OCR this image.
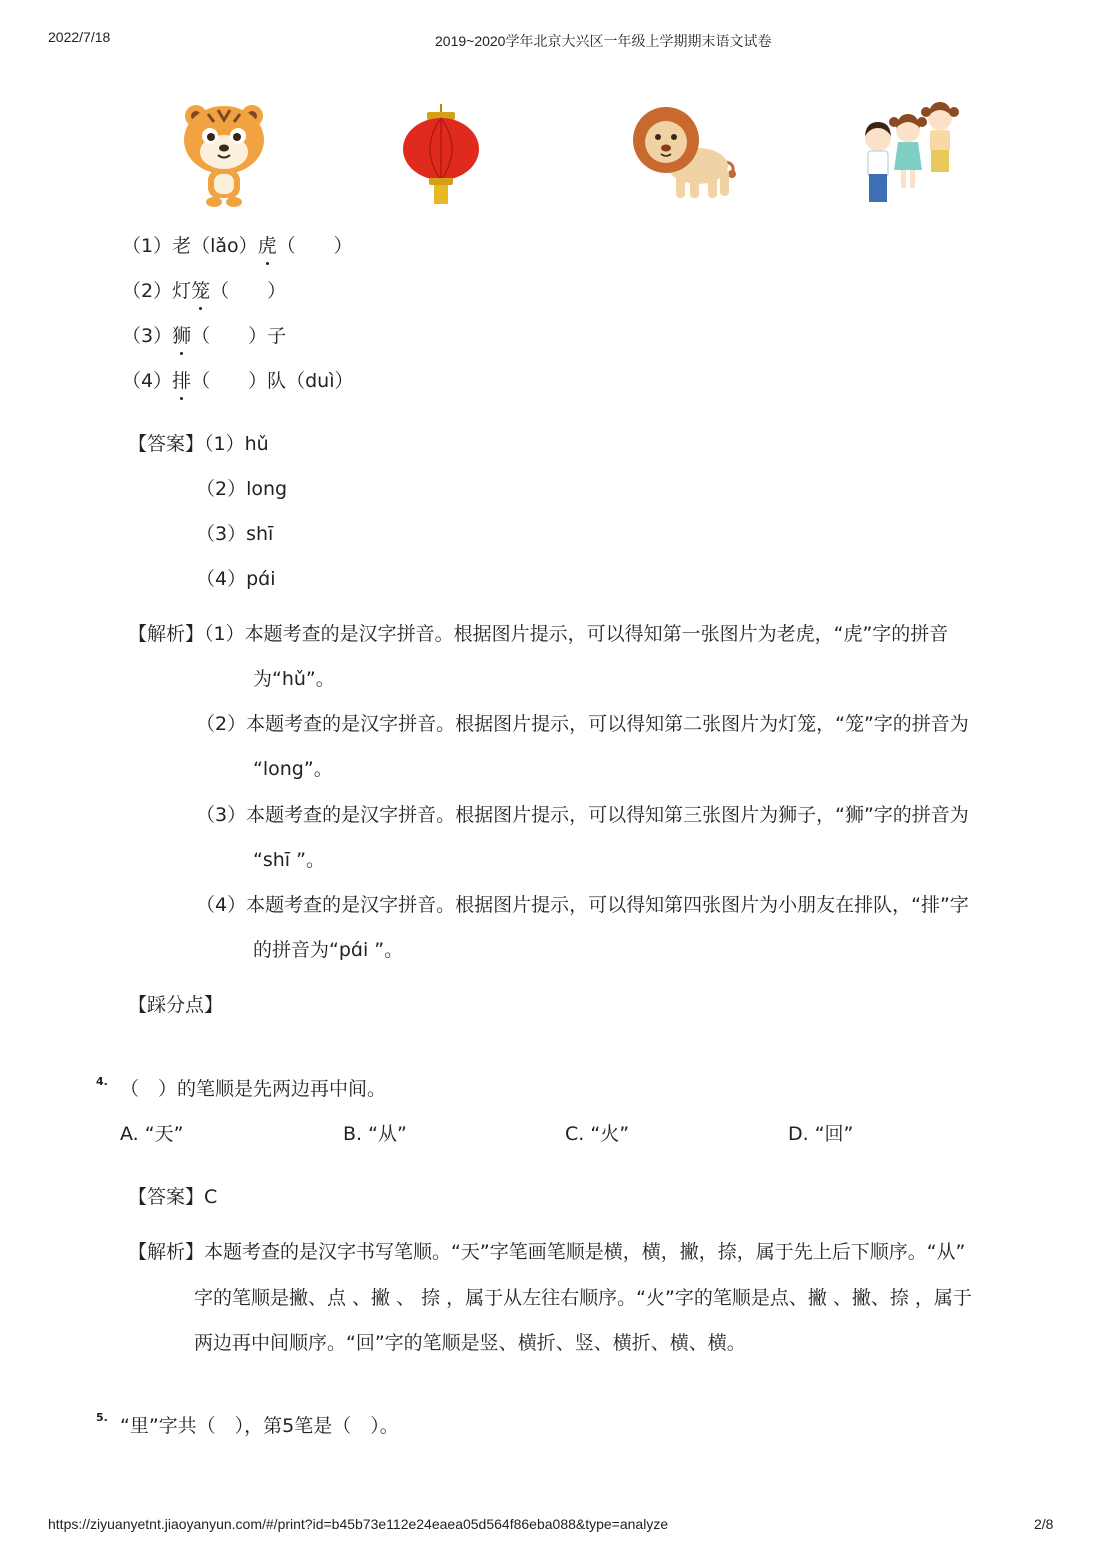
2022/7/18	2019~2020学年北京大兴区一年级上学期期末语文试卷
（1）老（lǎo）虎（　　）
（2）灯笼（　　）
（3）狮（　　）子
（4）排（　　）队（duì）
【答案】（1）hǔ
（2）long
（3）shī
（4）pɑ́i
【解析】（1）本题考查的是汉字拼音。根据图片提示，可以得知第一张图片为老虎，“虎”字的拼音
为“hǔ”。
（2）本题考查的是汉字拼音。根据图片提示，可以得知第二张图片为灯笼，“笼”字的拼音为
“long”。
（3）本题考查的是汉字拼音。根据图片提示，可以得知第三张图片为狮子，“狮”字的拼音为
“shī ”。
（4）本题考查的是汉字拼音。根据图片提示，可以得知第四张图片为小朋友在排队，“排”字
的拼音为“pɑ́i ”。
【踩分点】
4. （　）的笔顺是先两边再中间。
A. “天”	B. “从”	C. “火”	D. “回”
【答案】C
【解析】本题考查的是汉字书写笔顺。“天”字笔画笔顺是横，横，撇，捺，属于先上后下顺序。“从”
字的笔顺是撇、点 、撇 、 捺 ，属于从左往右顺序。“火”字的笔顺是点、撇 、撇、捺 ，属于
两边再中间顺序。“回”字的笔顺是竖、横折、竖、横折、横、横。
5. “里”字共（　），第5笔是（　）。
https://ziyuanyetnt.jiaoyanyun.com/#/print?id=b45b73e112e24eaea05d564f86eba088&type=analyze	2/8
